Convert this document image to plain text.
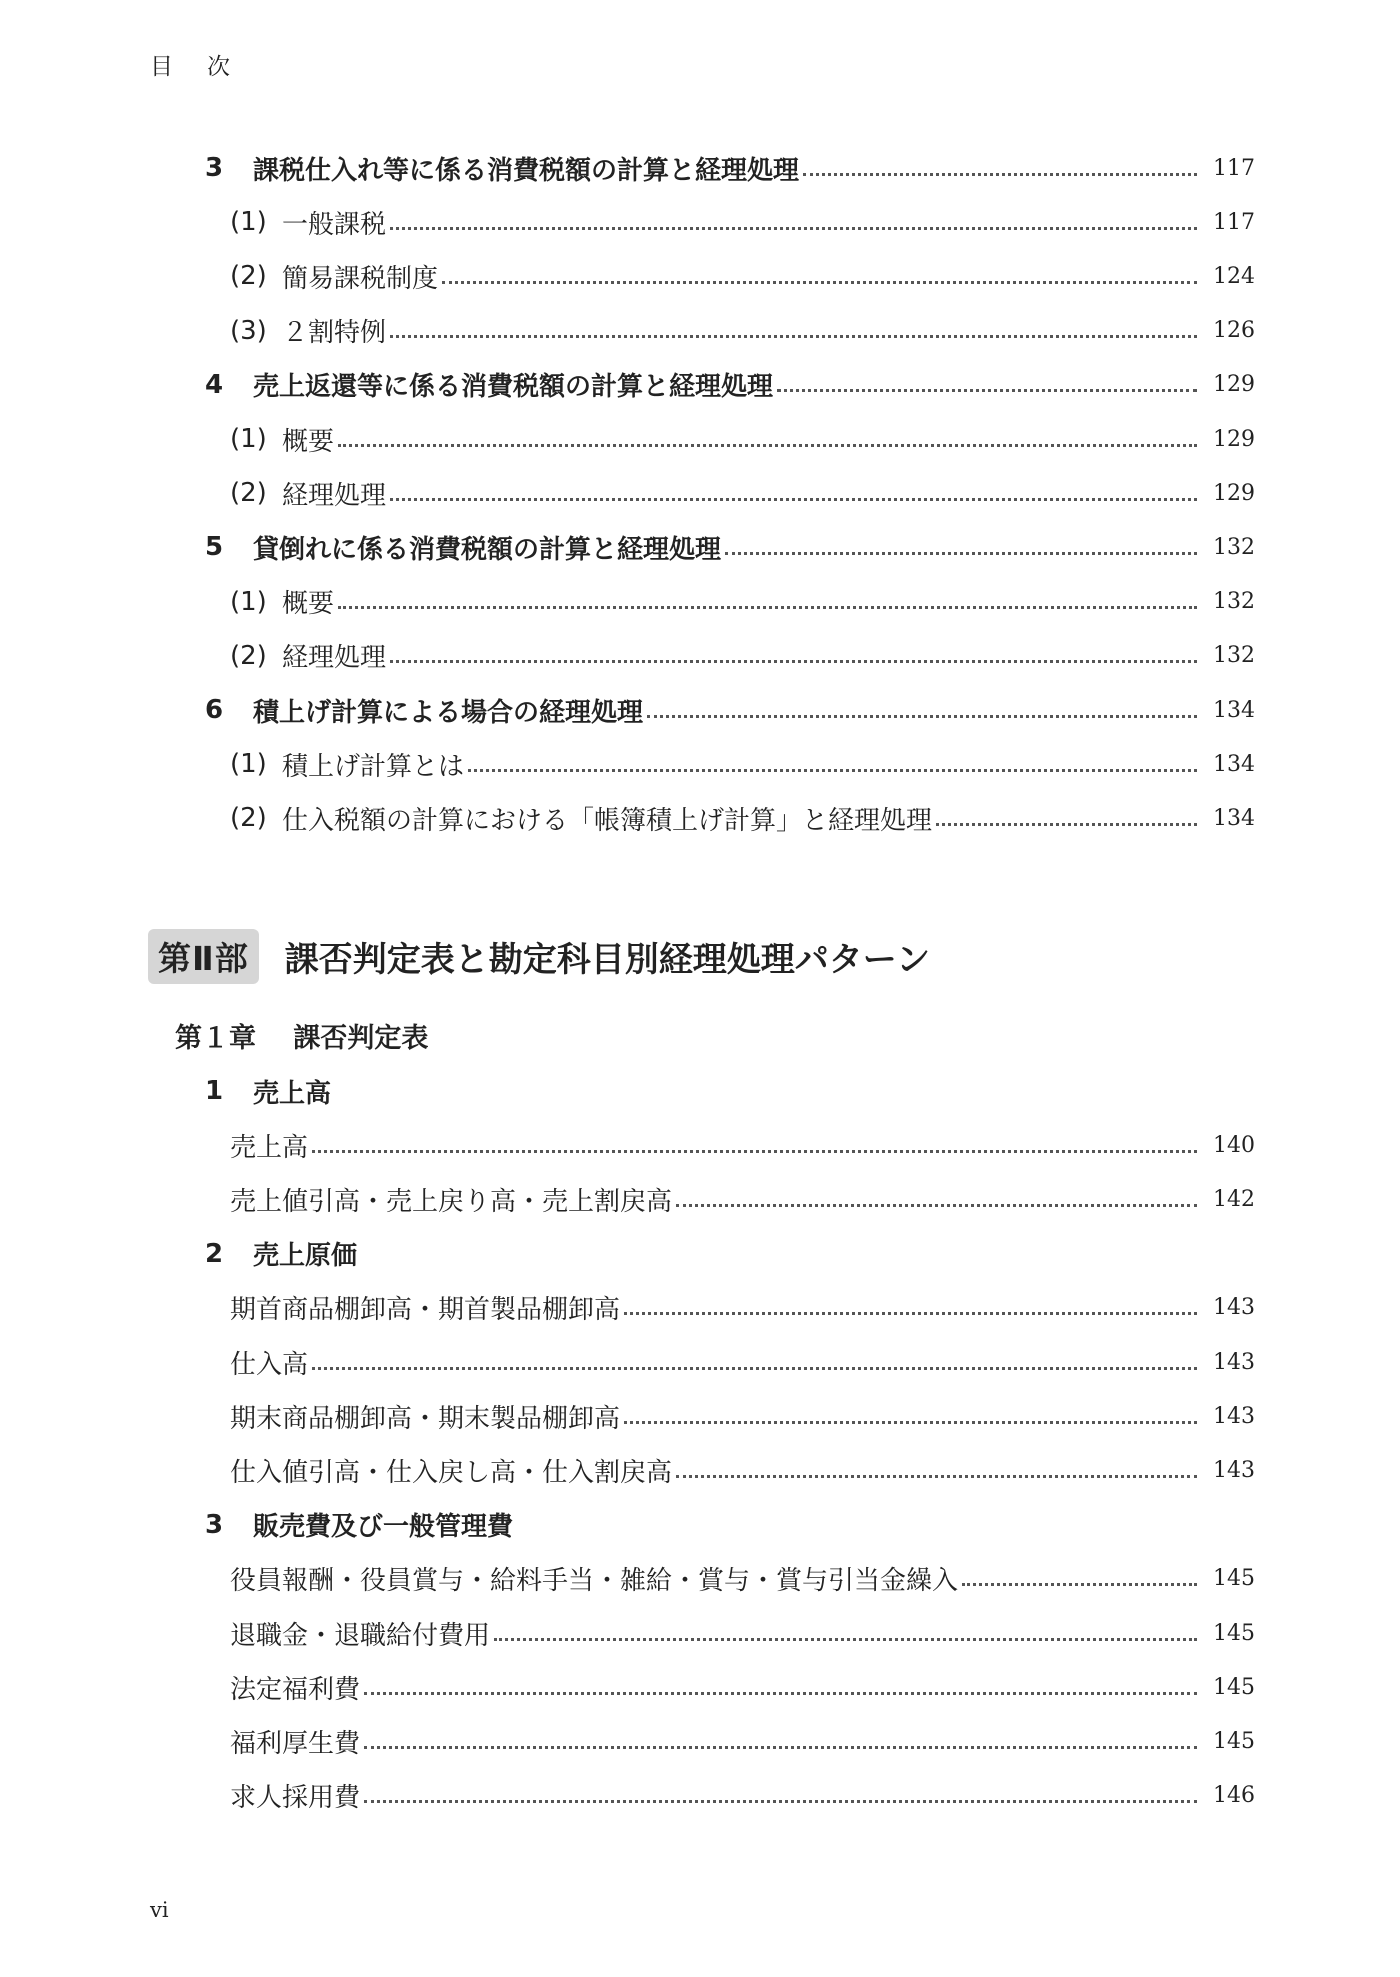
目次
3	課税仕入れ等に係る消費税額の計算と経理処理	117
(1) 一般課税	117
(2) 簡易課税制度	124
(3) ２割特例	126
4	売上返還等に係る消費税額の計算と経理処理	129
(1) 概要	129
(2) 経理処理	129
5	貸倒れに係る消費税額の計算と経理処理	132
(1) 概要	132
(2) 経理処理	132
6	積上げ計算による場合の経理処理	134
(1) 積上げ計算とは	134
(2) 仕入税額の計算における「帳簿積上げ計算」と経理処理	134
第Ⅱ部 課否判定表と勘定科目別経理処理パターン
第１章 課否判定表
1	売上高
売上高	140
売上値引高・売上戻り高・売上割戻高	142
2	売上原価
期首商品棚卸高・期首製品棚卸高	143
仕入高	143
期末商品棚卸高・期末製品棚卸高	143
仕入値引高・仕入戻し高・仕入割戻高	143
3	販売費及び一般管理費
役員報酬・役員賞与・給料手当・雑給・賞与・賞与引当金繰入	145
退職金・退職給付費用	145
法定福利費	145
福利厚生費	145
求人採用費	146
vi
